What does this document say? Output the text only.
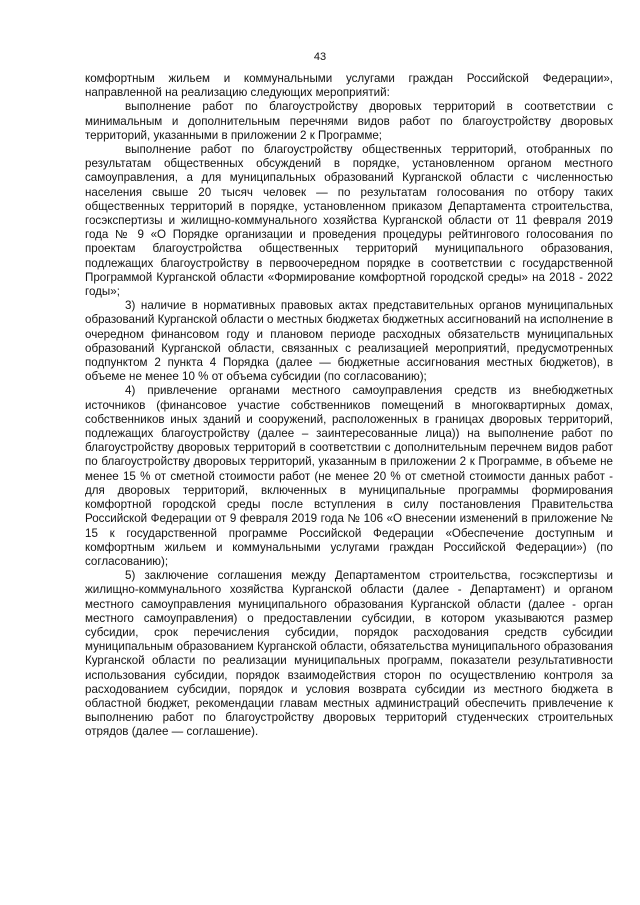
43

комфортным жильем и коммунальными услугами граждан Российской Федерации», направленной на реализацию следующих мероприятий:

выполнение работ по благоустройству дворовых территорий в соответствии с минимальным и дополнительным перечнями видов работ по благоустройству дворовых территорий, указанными в приложении 2 к Программе;

выполнение работ по благоустройству общественных территорий, отобранных по результатам общественных обсуждений в порядке, установленном органом местного самоуправления, а для муниципальных образований Курганской области с численностью населения свыше 20 тысяч человек — по результатам голосования по отбору таких общественных территорий в порядке, установленном приказом Департамента строительства, госэкспертизы и жилищно-коммунального хозяйства Курганской области от 11 февраля 2019 года № 9 «О Порядке организации и проведения процедуры рейтингового голосования по проектам благоустройства общественных территорий муниципального образования, подлежащих благоустройству в первоочередном порядке в соответствии с государственной Программой Курганской области «Формирование комфортной городской среды» на 2018 - 2022 годы»;

3) наличие в нормативных правовых актах представительных органов муниципальных образований Курганской области о местных бюджетах бюджетных ассигнований на исполнение в очередном финансовом году и плановом периоде расходных обязательств муниципальных образований Курганской области, связанных с реализацией мероприятий, предусмотренных подпунктом 2 пункта 4 Порядка (далее — бюджетные ассигнования местных бюджетов), в объеме не менее 10 % от объема субсидии (по согласованию);

4) привлечение органами местного самоуправления средств из внебюджетных источников (финансовое участие собственников помещений в многоквартирных домах, собственников иных зданий и сооружений, расположенных в границах дворовых территорий, подлежащих благоустройству (далее – заинтересованные лица)) на выполнение работ по благоустройству дворовых территорий в соответствии с дополнительным перечнем видов работ по благоустройству дворовых территорий, указанным в приложении 2 к Программе, в объеме не менее 15 % от сметной стоимости работ (не менее 20 % от сметной стоимости данных работ - для дворовых территорий, включенных в муниципальные программы формирования комфортной городской среды после вступления в силу постановления Правительства Российской Федерации от 9 февраля 2019 года № 106 «О внесении изменений в приложение № 15 к государственной программе Российской Федерации «Обеспечение доступным и комфортным жильем и коммунальными услугами граждан Российской Федерации») (по согласованию);

5) заключение соглашения между Департаментом строительства, госэкспертизы и жилищно-коммунального хозяйства Курганской области (далее - Департамент) и органом местного самоуправления муниципального образования Курганской области (далее - орган местного самоуправления) о предоставлении субсидии, в котором указываются размер субсидии, срок перечисления субсидии, порядок расходования средств субсидии муниципальным образованием Курганской области, обязательства муниципального образования Курганской области по реализации муниципальных программ, показатели результативности использования субсидии, порядок взаимодействия сторон по осуществлению контроля за расходованием субсидии, порядок и условия возврата субсидии из местного бюджета в областной бюджет, рекомендации главам местных администраций обеспечить привлечение к выполнению работ по благоустройству дворовых территорий студенческих строительных отрядов (далее — соглашение).
